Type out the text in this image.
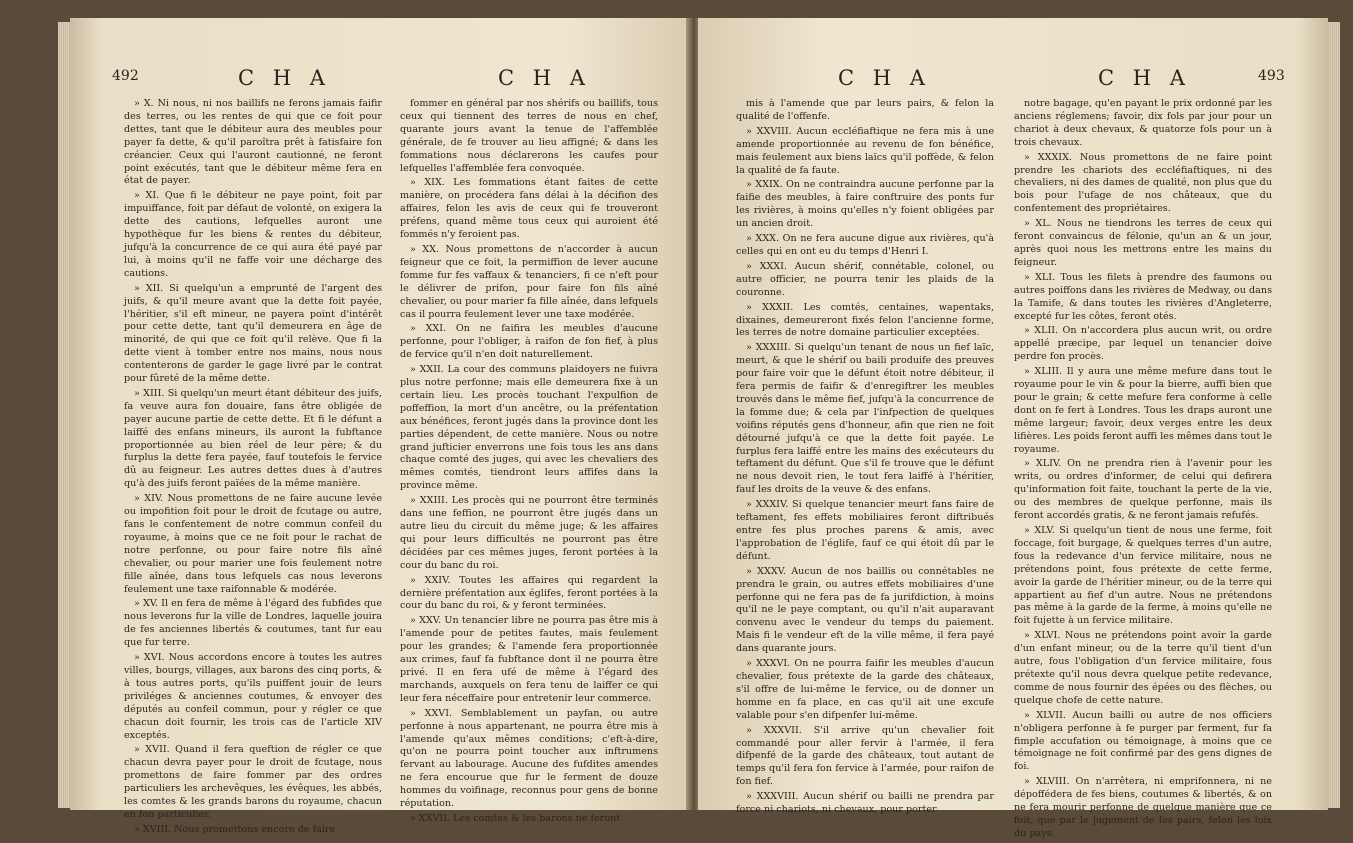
492	C H A	C H A

» X. Ni nous, ni nos baillifs ne ferons jamais faifir des terres, ou les rentes de qui que ce foit pour dettes, tant que le débiteur aura des meubles pour payer fa dette, & qu'il paroîtra prêt à fatisfaire fon créancier. Ceux qui l'auront cautionné, ne feront point exécutés, tant que le débiteur même fera en état de payer.

» XI. Que fi le débiteur ne paye point, foit par impuiffance, foit par défaut de volonté, on exigera la dette des cautions, lefquelles auront une hypothèque fur les biens & rentes du débiteur, jufqu'à la concurrence de ce qui aura été payé par lui, à moins qu'il ne faffe voir une décharge des cautions.

» XII. Si quelqu'un a emprunté de l'argent des juifs, & qu'il meure avant que la dette foit payée, l'héritier, s'il eft mineur, ne payera point d'intérêt pour cette dette, tant qu'il demeurera en âge de minorité, de qui que ce foit qu'il relève. Que fi la dette vient à tomber entre nos mains, nous nous contenterons de garder le gage livré par le contrat pour fûreté de la même dette.

» XIII. Si quelqu'un meurt étant débiteur des juifs, fa veuve aura fon douaire, fans être obligée de payer aucune partie de cette dette. Et fi le défunt a laiffé des enfans mineurs, ils auront la fubftance proportionnée au bien réel de leur père; & du furplus la dette fera payée, fauf toutefois le fervice dû au feigneur. Les autres dettes dues à d'autres qu'à des juifs feront païées de la même manière.

» XIV. Nous promettons de ne faire aucune levée ou impofition foit pour le droit de fcutage ou autre, fans le confentement de notre commun confeil du royaume, à moins que ce ne foit pour le rachat de notre perfonne, ou pour faire notre fils aîné chevalier, ou pour marier une fois feulement notre fille aînée, dans tous lefquels cas nous leverons feulement une taxe raifonnable & modérée.

» XV. Il en fera de même à l'égard des fubfides que nous leverons fur la ville de Londres, laquelle jouira de fes anciennes libertés & coutumes, tant fur eau que fur terre.

» XVI. Nous accordons encore à toutes les autres villes, bourgs, villages, aux barons des cinq ports, & à tous autres ports, qu'ils puiffent jouir de leurs priviléges & anciennes coutumes, & envoyer des députés au confeil commun, pour y régler ce que chacun doit fournir, les trois cas de l'article XIV exceptés.

» XVII. Quand il fera queftion de régler ce que chacun devra payer pour le droit de fcutage, nous promettons de faire fommer par des ordres particuliers les archevêques, les évêques, les abbés, les comtes & les grands barons du royaume, chacun en fon particulier.

» XVIII. Nous promettons encore de faire

fommer en général par nos shérifs ou baillifs, tous ceux qui tiennent des terres de nous en chef, quarante jours avant la tenue de l'affemblée générale, de fe trouver au lieu affigné; & dans les fommations nous déclarerons les caufes pour lefquelles l'affemblée fera convoquée.

» XIX. Les fommations étant faites de cette manière, on procédera fans délai à la décifion des affaires, felon les avis de ceux qui fe trouveront préfens, quand même tous ceux qui auroient été fommés n'y feroient pas.

» XX. Nous promettons de n'accorder à aucun feigneur que ce foit, la permiffion de lever aucune fomme fur fes vaffaux & tenanciers, fi ce n'eft pour le délivrer de prifon, pour faire fon fils aîné chevalier, ou pour marier fa fille aînée, dans lefquels cas il pourra feulement lever une taxe modérée.

» XXI. On ne faifira les meubles d'aucune perfonne, pour l'obliger, à raifon de fon fief, à plus de fervice qu'il n'en doit naturellement.

» XXII. La cour des communs plaidoyers ne fuivra plus notre perfonne; mais elle demeurera fixe à un certain lieu. Les procès touchant l'expulfion de poffeffion, la mort d'un ancêtre, ou la préfentation aux bénéfices, feront jugés dans la province dont les parties dépendent, de cette manière. Nous ou notre grand jufticier enverrons une fois tous les ans dans chaque comté des juges, qui avec les chevaliers des mêmes comtés, tiendront leurs affifes dans la province même.

» XXIII. Les procès qui ne pourront être terminés dans une feffion, ne pourront être jugés dans un autre lieu du circuit du même juge; & les affaires qui pour leurs difficultés ne pourront pas être décidées par ces mêmes juges, feront portées à la cour du banc du roi.

» XXIV. Toutes les affaires qui regardent la dernière préfentation aux églifes, feront portées à la cour du banc du roi, & y feront terminées.

» XXV. Un tenancier libre ne pourra pas être mis à l'amende pour de petites fautes, mais feulement pour les grandes; & l'amende fera proportionnée aux crimes, fauf fa fubftance dont il ne pourra être privé. Il en fera ufé de même à l'égard des marchands, auxquels on fera tenu de laiffer ce qui leur fera néceffaire pour entretenir leur commerce.

» XXVI. Semblablement un payfan, ou autre perfonne à nous appartenant, ne pourra être mis à l'amende qu'aux mêmes conditions; c'eft-à-dire, qu'on ne pourra point toucher aux inftrumens fervant au labourage. Aucune des fufdites amendes ne fera encourue que fur le ferment de douze hommes du voifinage, reconnus pour gens de bonne réputation.

» XXVII. Les comtes & les barons ne feront

C H A	C H A	493

mis à l'amende que par leurs pairs, & felon la qualité de l'offenfe.

» XXVIII. Aucun eccléfiaftique ne fera mis à une amende proportionnée au revenu de fon bénéfice, mais feulement aux biens laïcs qu'il poffède, & felon la qualité de fa faute.

» XXIX. On ne contraindra aucune perfonne par la faifie des meubles, à faire conftruire des ponts fur les rivières, à moins qu'elles n'y foient obligées par un ancien droit.

» XXX. On ne fera aucune digue aux rivières, qu'à celles qui en ont eu du temps d'Henri I.

» XXXI. Aucun shérif, connétable, colonel, ou autre officier, ne pourra tenir les plaids de la couronne.

» XXXII. Les comtés, centaines, wapentaks, dixaines, demeureront fixés felon l'ancienne forme, les terres de notre domaine particulier exceptées.

» XXXIII. Si quelqu'un tenant de nous un fief laïc, meurt, & que le shérif ou baili produife des preuves pour faire voir que le défunt étoit notre débiteur, il fera permis de faifir & d'enregiftrer les meubles trouvés dans le même fief, jufqu'à la concurrence de la fomme due; & cela par l'infpection de quelques voifins réputés gens d'honneur, afin que rien ne foit détourné jufqu'à ce que la dette foit payée. Le furplus fera laiffé entre les mains des exécuteurs du teftament du défunt. Que s'il fe trouve que le défunt ne nous devoit rien, le tout fera laiffé à l'héritier, fauf les droits de la veuve & des enfans.

» XXXIV. Si quelque tenancier meurt fans faire de teftament, fes effets mobiliaires feront diftribués entre fes plus proches parens & amis, avec l'approbation de l'églife, fauf ce qui étoit dû par le défunt.

» XXXV. Aucun de nos baillis ou connétables ne prendra le grain, ou autres effets mobiliaires d'une perfonne qui ne fera pas de fa jurifdiction, à moins qu'il ne le paye comptant, ou qu'il n'ait auparavant convenu avec le vendeur du temps du paiement. Mais fi le vendeur eft de la ville même, il fera payé dans quarante jours.

» XXXVI. On ne pourra faifir les meubles d'aucun chevalier, fous prétexte de la garde des châteaux, s'il offre de lui-même le fervice, ou de donner un homme en fa place, en cas qu'il ait une excufe valable pour s'en difpenfer lui-même.

» XXXVII. S'il arrive qu'un chevalier foit commandé pour aller fervir à l'armée, il fera difpenfé de la garde des châteaux, tout autant de temps qu'il fera fon fervice à l'armée, pour raifon de fon fief.

» XXXVIII. Aucun shérif ou bailli ne prendra par force ni chariots, ni chevaux, pour porter

notre bagage, qu'en payant le prix ordonné par les anciens réglemens; favoir, dix fols par jour pour un chariot à deux chevaux, & quatorze fols pour un à trois chevaux.

» XXXIX. Nous promettons de ne faire point prendre les chariots des eccléfiaftiques, ni des chevaliers, ni des dames de qualité, non plus que du bois pour l'ufage de nos châteaux, que du confentement des propriétaires.

» XL. Nous ne tiendrons les terres de ceux qui feront convaincus de félonie, qu'un an & un jour, après quoi nous les mettrons entre les mains du feigneur.

» XLI. Tous les filets à prendre des faumons ou autres poiffons dans les rivières de Medway, ou dans la Tamife, & dans toutes les rivières d'Angleterre, excepté fur les côtes, feront otés.

» XLII. On n'accordera plus aucun writ, ou ordre appellé præcipe, par lequel un tenancier doive perdre fon procès.

» XLIII. Il y aura une même mefure dans tout le royaume pour le vin & pour la bierre, auffi bien que pour le grain; & cette mefure fera conforme à celle dont on fe fert à Londres. Tous les draps auront une même largeur; favoir, deux verges entre les deux lifières. Les poids feront auffi les mêmes dans tout le royaume.

» XLIV. On ne prendra rien à l'avenir pour les writs, ou ordres d'informer, de celui qui defirera qu'information foit faite, touchant la perte de la vie, ou des membres de quelque perfonne, mais ils feront accordés gratis, & ne feront jamais refufés.

» XLV. Si quelqu'un tient de nous une ferme, foit foccage, foit burgage, & quelques terres d'un autre, fous la redevance d'un fervice militaire, nous ne prétendons point, fous prétexte de cette ferme, avoir la garde de l'héritier mineur, ou de la terre qui appartient au fief d'un autre. Nous ne prétendons pas même à la garde de la ferme, à moins qu'elle ne foit fujette à un fervice militaire.

» XLVI. Nous ne prétendons point avoir la garde d'un enfant mineur, ou de la terre qu'il tient d'un autre, fous l'obligation d'un fervice militaire, fous prétexte qu'il nous devra quelque petite redevance, comme de nous fournir des épées ou des flèches, ou quelque chofe de cette nature.

» XLVII. Aucun bailli ou autre de nos officiers n'obligera perfonne à fe purger par ferment, fur fa fimple accufation ou témoignage, à moins que ce témoignage ne foit confirmé par des gens dignes de foi.

» XLVIII. On n'arrêtera, ni emprifonnera, ni ne dépoffédera de fes biens, coutumes & libertés, & on ne fera mourir perfonne de quelque manière que ce foit, que par le jugement de fes pairs, felon les loix du pays.
